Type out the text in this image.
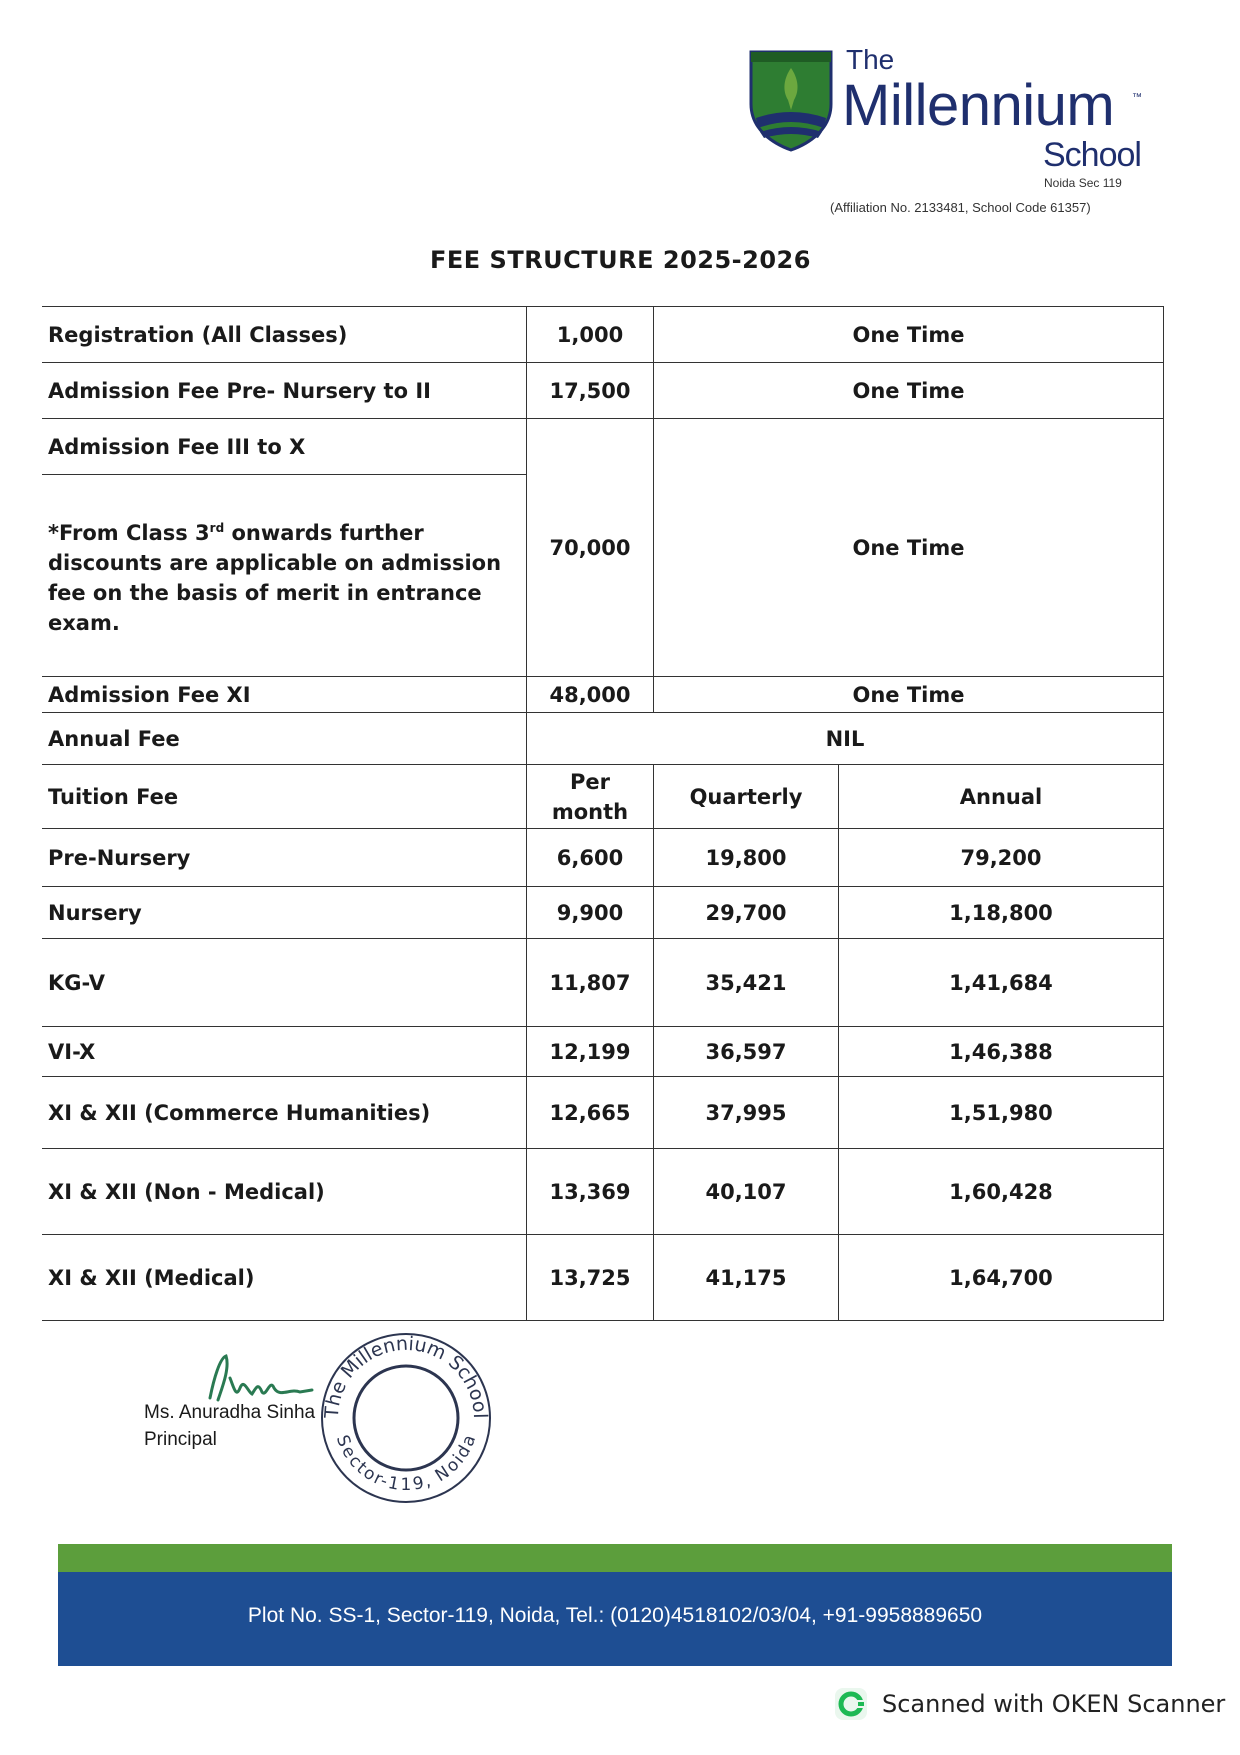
The
Millennium ™
School
Noida Sec 119
(Affiliation No. 2133481, School Code 61357)
FEE STRUCTURE 2025-2026
Registration (All Classes)	1,000	One Time	
Admission Fee Pre- Nursery to II	17,500	One Time	
Admission Fee III to X	70,000	One Time	

*From Class 3rd onwards further discounts are applicable on admission fee on the basis of merit in entrance exam.			

Admission Fee XI	48,000	One Time	
Annual Fee	NIL		
Tuition Fee	Per month	Quarterly	Annual
Pre-Nursery	6,600	19,800	79,200
Nursery	9,900	29,700	1,18,800
KG-V	11,807	35,421	1,41,684
VI-X	12,199	36,597	1,46,388
XI & XII (Commerce Humanities)	12,665	37,995	1,51,980
XI & XII (Non - Medical)	13,369	40,107	1,60,428
XI & XII (Medical)	13,725	41,175	1,64,700
Ms. Anuradha Sinha
Principal
The Millennium School
Sector-119, Noida
Plot No. SS-1, Sector-119, Noida, Tel.: (0120)4518102/03/04, +91-9958889650
Scanned with OKEN Scanner
